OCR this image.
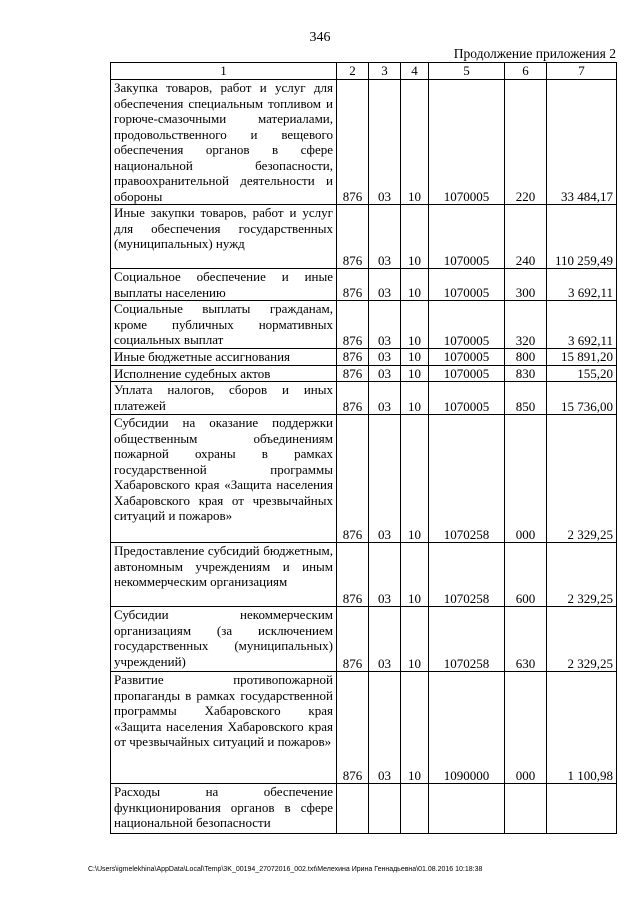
346
Продолжение приложения 2
1	2	3	4	5	6	7
Закупка товаров, работ и услуг для обеспечения специальным топливом и горюче-смазочными материалами, продовольственного и вещевого обеспечения органов в сфере национальной безопасности, правоохранительной деятельности и обороны	876	03	10	1070005	220	33 484,17
Иные закупки товаров, работ и услуг для обеспечения государственных (муниципальных) нужд	876	03	10	1070005	240	110 259,49
Социальное обеспечение и иные выплаты населению	876	03	10	1070005	300	3 692,11
Социальные выплаты гражданам, кроме публичных нормативных социальных выплат	876	03	10	1070005	320	3 692,11
Иные бюджетные ассигнования	876	03	10	1070005	800	15 891,20
Исполнение судебных актов	876	03	10	1070005	830	155,20
Уплата налогов, сборов и иных платежей	876	03	10	1070005	850	15 736,00
Субсидии на оказание поддержки общественным объединениям пожарной охраны в рамках государственной программы Хабаровского края «Защита населения Хабаровского края от чрезвычайных ситуаций и пожаров»	876	03	10	1070258	000	2 329,25
Предоставление субсидий бюджетным, автономным учреждениям и иным некоммерческим организациям	876	03	10	1070258	600	2 329,25
Субсидии некоммерческим организациям (за исключением государственных (муниципальных) учреждений)	876	03	10	1070258	630	2 329,25
Развитие противопожарной пропаганды в рамках государственной программы Хабаровского края «Защита населения Хабаровского края от чрезвычайных ситуаций и пожаров»	876	03	10	1090000	000	1 100,98
Расходы на обеспечение функционирования органов в сфере национальной безопасности						
C:\Users\igmelekhina\AppData\Local\Temp\3K_00194_27072016_002.txt\Мелехина Ирина Геннадьевна\01.08.2016 10:18:38
